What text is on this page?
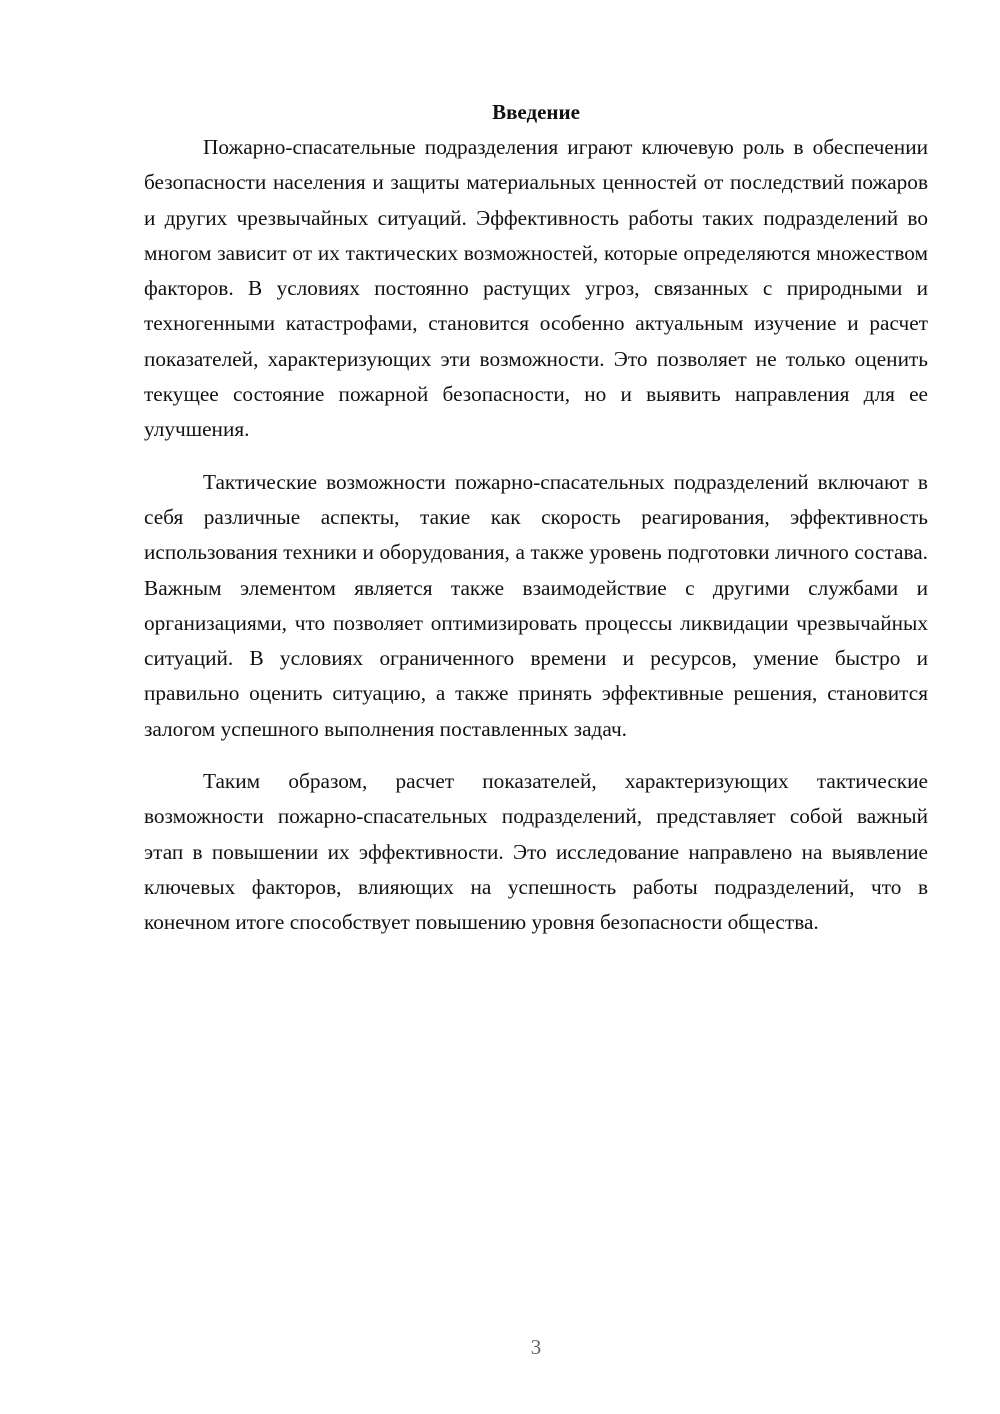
Введение

Пожарно-спасательные подразделения играют ключевую роль в обеспечении безопасности населения и защиты материальных ценностей от последствий пожаров и других чрезвычайных ситуаций. Эффективность работы таких подразделений во многом зависит от их тактических возможностей, которые определяются множеством факторов. В условиях постоянно растущих угроз, связанных с природными и техногенными катастрофами, становится особенно актуальным изучение и расчет показателей, характеризующих эти возможности. Это позволяет не только оценить текущее состояние пожарной безопасности, но и выявить направления для ее улучшения.

Тактические возможности пожарно-спасательных подразделений включают в себя различные аспекты, такие как скорость реагирования, эффективность использования техники и оборудования, а также уровень подготовки личного состава. Важным элементом является также взаимодействие с другими службами и организациями, что позволяет оптимизировать процессы ликвидации чрезвычайных ситуаций. В условиях ограниченного времени и ресурсов, умение быстро и правильно оценить ситуацию, а также принять эффективные решения, становится залогом успешного выполнения поставленных задач.

Таким образом, расчет показателей, характеризующих тактические возможности пожарно-спасательных подразделений, представляет собой важный этап в повышении их эффективности. Это исследование направлено на выявление ключевых факторов, влияющих на успешность работы подразделений, что в конечном итоге способствует повышению уровня безопасности общества.

3
